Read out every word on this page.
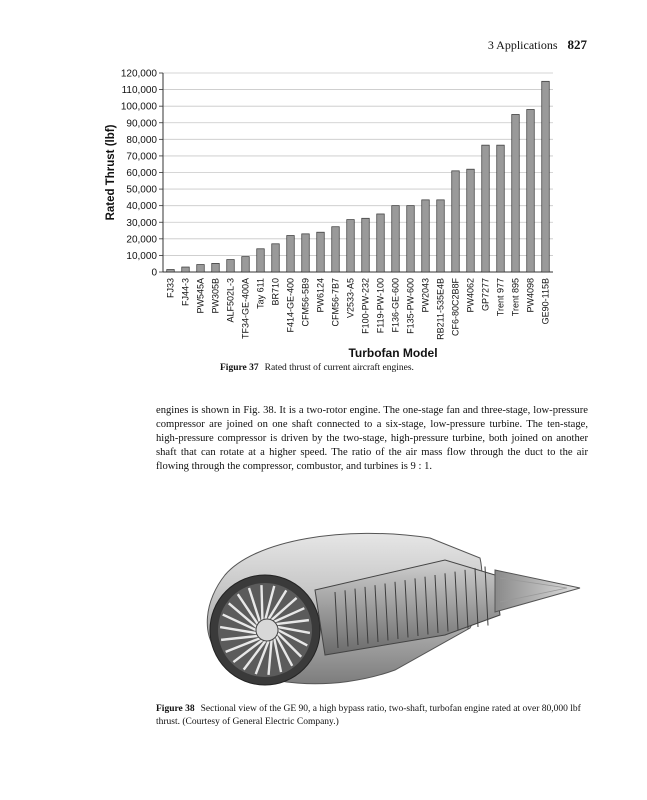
3 Applications 827
0
10,000
20,000
30,000
40,000
50,000
60,000
70,000
80,000
90,000
100,000
110,000
120,000
FJ33 FJ44-3 PW545A PW305B ALF502L-3 TF34-GE-400A Tay 611 BR710 F414-GE-400 CFM56-5B9 PW6124 CFM56-7B7 V2533-A5 F100-PW-232 F119-PW-100 F136-GE-600 F135-PW-600 PW2043 RB211-535E4B CF6-80C2B8F PW4062 GP7277 Trent 977 Trent 895 PW4098 GE90-115B
Turbofan Model
Rated Thrust (lbf)
Figure 37 Rated thrust of current aircraft engines.
engines is shown in Fig. 38. It is a two-rotor engine. The one-stage fan and three-stage, low-pressure compressor are joined on one shaft connected to a six-stage, low-pressure turbine. The ten-stage, high-pressure compressor is driven by the two-stage, high-pressure turbine, both joined on another shaft that can rotate at a higher speed. The ratio of the air mass flow through the duct to the air flowing through the compressor, combustor, and turbines is 9 : 1.
Figure 38 Sectional view of the GE 90, a high bypass ratio, two-shaft, turbofan engine rated at over 80,000 lbf thrust. (Courtesy of General Electric Company.)
